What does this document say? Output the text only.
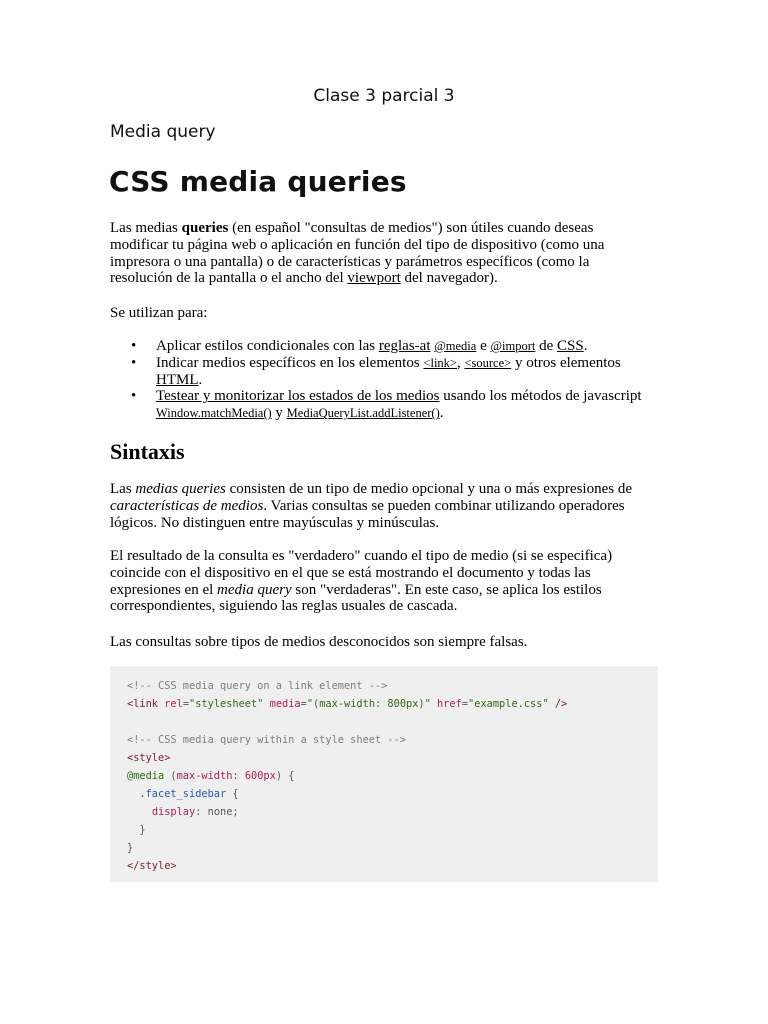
Clase 3 parcial 3
Media query
CSS media queries
Las medias queries (en español "consultas de medios") son útiles cuando deseas modificar tu página web o aplicación en función del tipo de dispositivo (como una impresora o una pantalla) o de características y parámetros específicos (como la resolución de la pantalla o el ancho del viewport del navegador).
Se utilizan para:
• Aplicar estilos condicionales con las reglas-at @media e @import de CSS.
• Indicar medios específicos en los elementos <link>, <source> y otros elementos HTML.
• Testear y monitorizar los estados de los medios usando los métodos de javascript Window.matchMedia() y MediaQueryList.addListener().
Sintaxis
Las medias queries consisten de un tipo de medio opcional y una o más expresiones de características de medios. Varias consultas se pueden combinar utilizando operadores lógicos. No distinguen entre mayúsculas y minúsculas.
El resultado de la consulta es "verdadero" cuando el tipo de medio (si se especifica) coincide con el dispositivo en el que se está mostrando el documento y todas las expresiones en el media query son "verdaderas". En este caso, se aplica los estilos correspondientes, siguiendo las reglas usuales de cascada.
Las consultas sobre tipos de medios desconocidos son siempre falsas.
<!-- CSS media query on a link element -->
<link rel="stylesheet" media="(max-width: 800px)" href="example.css" />
<!-- CSS media query within a style sheet -->
<style>
@media (max-width: 600px) {
.facet_sidebar {
display: none;
}
}
</style>
